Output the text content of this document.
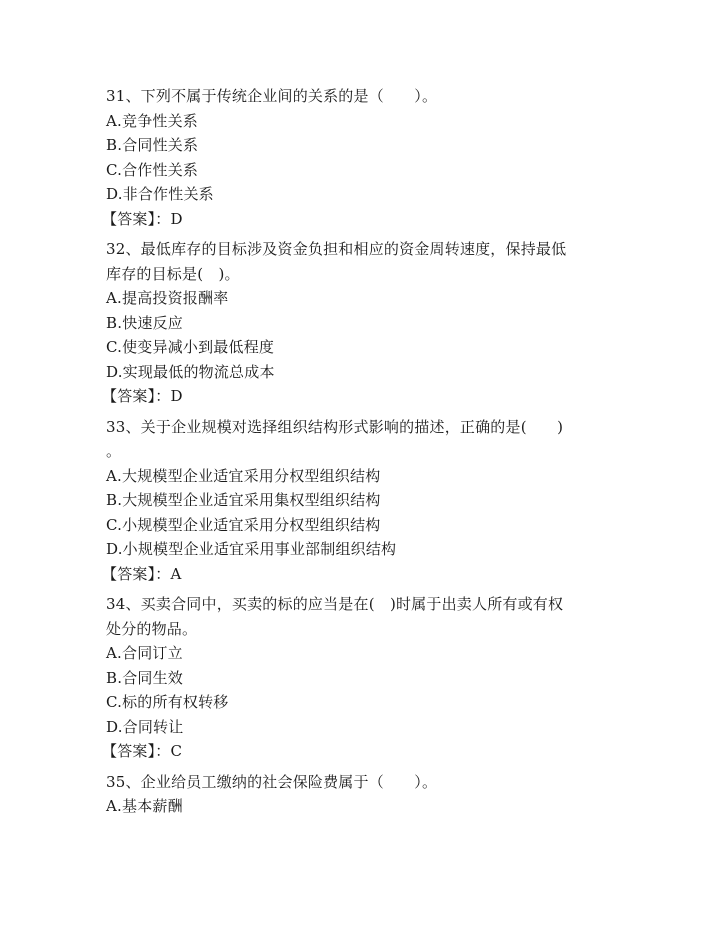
31、下列不属于传统企业间的关系的是（　　）。
A.竞争性关系
B.合同性关系
C.合作性关系
D.非合作性关系
【答案】：D
32、最低库存的目标涉及资金负担和相应的资金周转速度，保持最低
库存的目标是(　)。
A.提高投资报酬率
B.快速反应
C.使变异减小到最低程度
D.实现最低的物流总成本
【答案】：D
33、关于企业规模对选择组织结构形式影响的描述，正确的是(　　)
。
A.大规模型企业适宜采用分权型组织结构
B.大规模型企业适宜采用集权型组织结构
C.小规模型企业适宜采用分权型组织结构
D.小规模型企业适宜采用事业部制组织结构
【答案】：A
34、买卖合同中，买卖的标的应当是在(　)时属于出卖人所有或有权
处分的物品。
A.合同订立
B.合同生效
C.标的所有权转移
D.合同转让
【答案】：C
35、企业给员工缴纳的社会保险费属于（　　）。
A.基本薪酬
